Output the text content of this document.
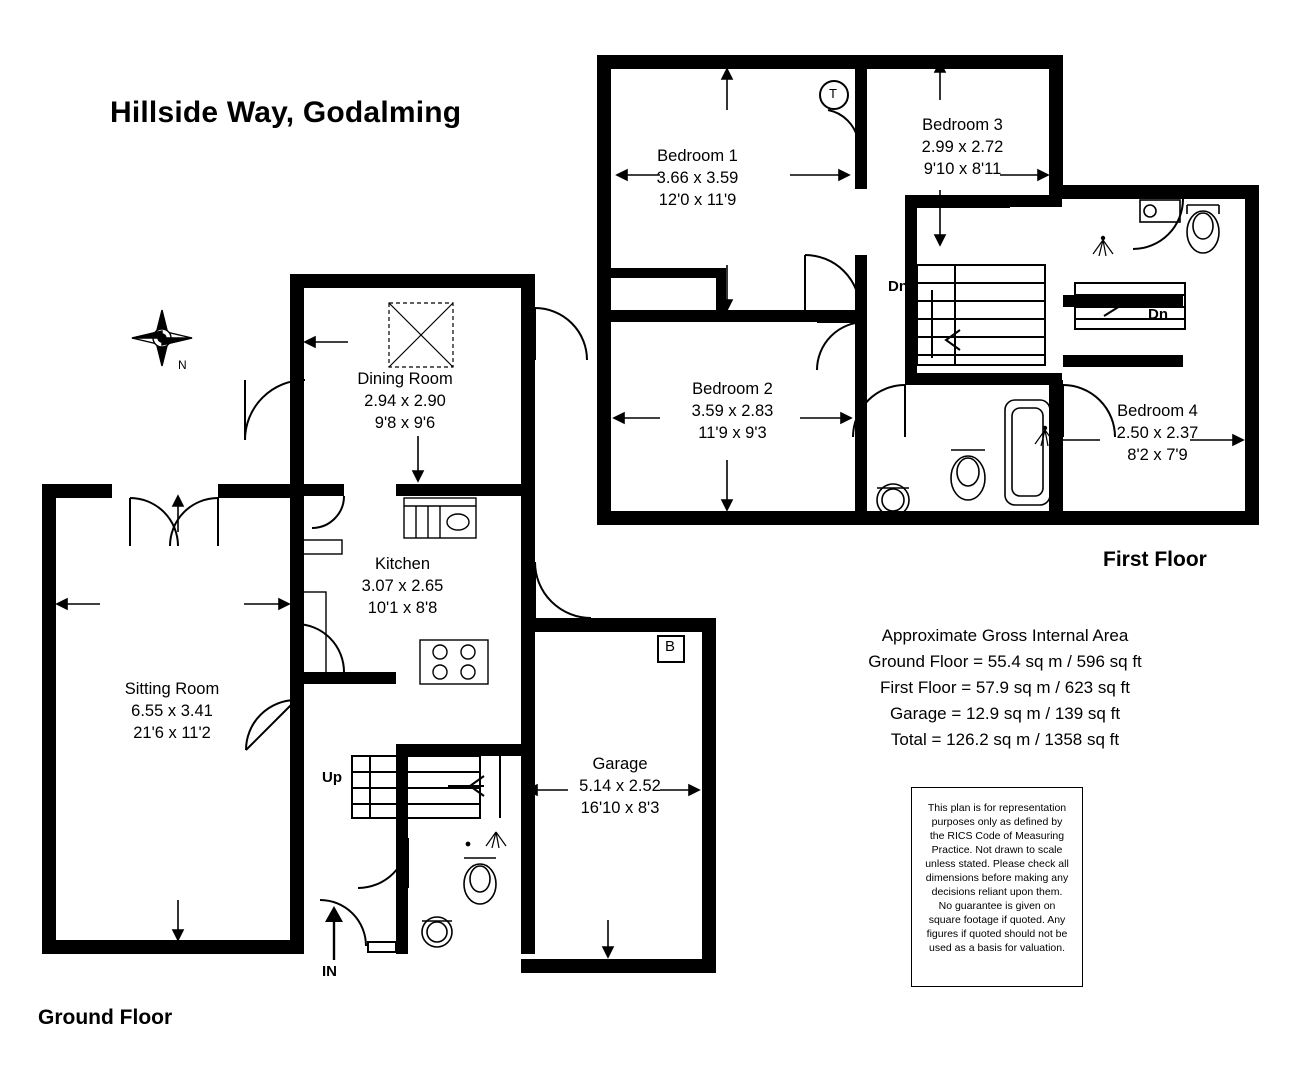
Hillside Way, Godalming
N
Bedroom 1
3.66 x 3.59
12'0 x 11'9
Bedroom 3
2.99 x 2.72
9'10 x 8'11
Bedroom 2
3.59 x 2.83
11'9 x 9'3
Bedroom 4
2.50 x 2.37
8'2 x 7'9
Dn
Dn
T
First Floor
Dining Room
2.94 x 2.90
9'8 x 9'6
Kitchen
3.07 x 2.65
10'1 x 8'8
Sitting Room
6.55 x 3.41
21'6 x 11'2
Garage
5.14 x 2.52
16'10 x 8'3
Up
IN
B
Ground Floor
Approximate Gross Internal Area
Ground Floor = 55.4 sq m / 596 sq ft
First Floor = 57.9 sq m / 623 sq ft
Garage = 12.9 sq m / 139 sq ft
Total = 126.2 sq m / 1358 sq ft
This plan is for representation purposes only as defined by the RICS Code of Measuring Practice. Not drawn to scale unless stated. Please check all dimensions before making any decisions reliant upon them. No guarantee is given on square footage if quoted. Any figures if quoted should not be used as a basis for valuation.
